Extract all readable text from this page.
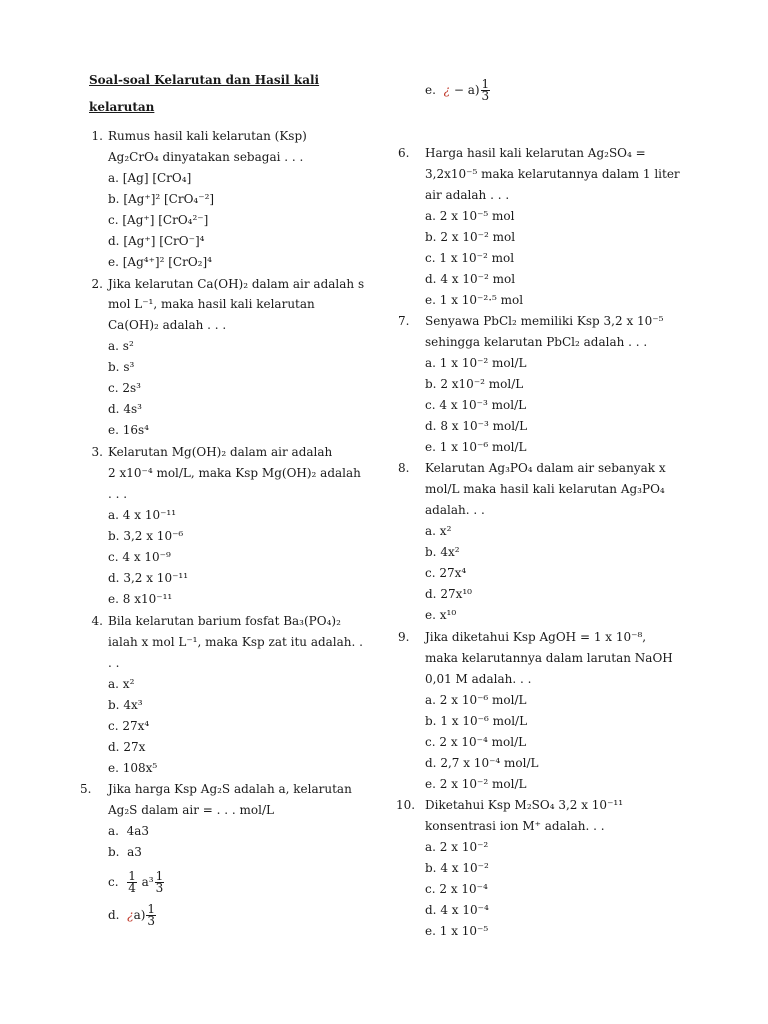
Soal-soal Kelarutan dan Hasil kali
kelarutan
1. Rumus hasil kali kelarutan (Ksp)
Ag₂CrO₄ dinyatakan sebagai . . .
a. [Ag] [CrO₄]
b. [Ag⁺]² [CrO₄⁻²]
c. [Ag⁺] [CrO₄²⁻]
d. [Ag⁺] [CrO⁻]⁴
e. [Ag⁴⁺]² [CrO₂]⁴
2. Jika kelarutan Ca(OH)₂ dalam air adalah s
mol L⁻¹, maka hasil kali kelarutan
Ca(OH)₂ adalah . . .
a. s²
b. s³
c. 2s³
d. 4s³
e. 16s⁴
3. Kelarutan Mg(OH)₂ dalam air adalah
2 x10⁻⁴ mol/L, maka Ksp Mg(OH)₂ adalah
. . .
a. 4 x 10⁻¹¹
b. 3,2 x 10⁻⁶
c. 4 x 10⁻⁹
d. 3,2 x 10⁻¹¹
e. 8 x10⁻¹¹
4. Bila kelarutan barium fosfat Ba₃(PO₄)₂
ialah x mol L⁻¹, maka Ksp zat itu adalah. .
. .
a. x²
b. 4x³
c. 27x⁴
d. 27x
e. 108x⁵
5. Jika harga Ksp Ag₂S adalah a, kelarutan
Ag₂S dalam air = . . . mol/L
a. 4a3
b. a3
c. $\frac{1}{4} a^3 \frac{1}{3}$
d. ¿$a) \frac{1}{3}$
e. ¿ − $a) \frac{1}{3}$
6. Harga hasil kali kelarutan Ag₂SO₄ =
3,2x10⁻⁵ maka kelarutannya dalam 1 liter
air adalah . . .
a. 2 x 10⁻⁵ mol
b. 2 x 10⁻² mol
c. 1 x 10⁻² mol
d. 4 x 10⁻² mol
e. 1 x 10⁻²·⁵ mol
7. Senyawa PbCl₂ memiliki Ksp 3,2 x 10⁻⁵
sehingga kelarutan PbCl₂ adalah . . .
a. 1 x 10⁻² mol/L
b. 2 x10⁻² mol/L
c. 4 x 10⁻³ mol/L
d. 8 x 10⁻³ mol/L
e. 1 x 10⁻⁶ mol/L
8. Kelarutan Ag₃PO₄ dalam air sebanyak x
mol/L maka hasil kali kelarutan Ag₃PO₄
adalah. . .
a. x²
b. 4x²
c. 27x⁴
d. 27x¹⁰
e. x¹⁰
9. Jika diketahui Ksp AgOH = 1 x 10⁻⁸,
maka kelarutannya dalam larutan NaOH
0,01 M adalah. . .
a. 2 x 10⁻⁶ mol/L
b. 1 x 10⁻⁶ mol/L
c. 2 x 10⁻⁴ mol/L
d. 2,7 x 10⁻⁴ mol/L
e. 2 x 10⁻² mol/L
10. Diketahui Ksp M₂SO₄ 3,2 x 10⁻¹¹
konsentrasi ion M⁺ adalah. . .
a. 2 x 10⁻²
b. 4 x 10⁻²
c. 2 x 10⁻⁴
d. 4 x 10⁻⁴
e. 1 x 10⁻⁵
